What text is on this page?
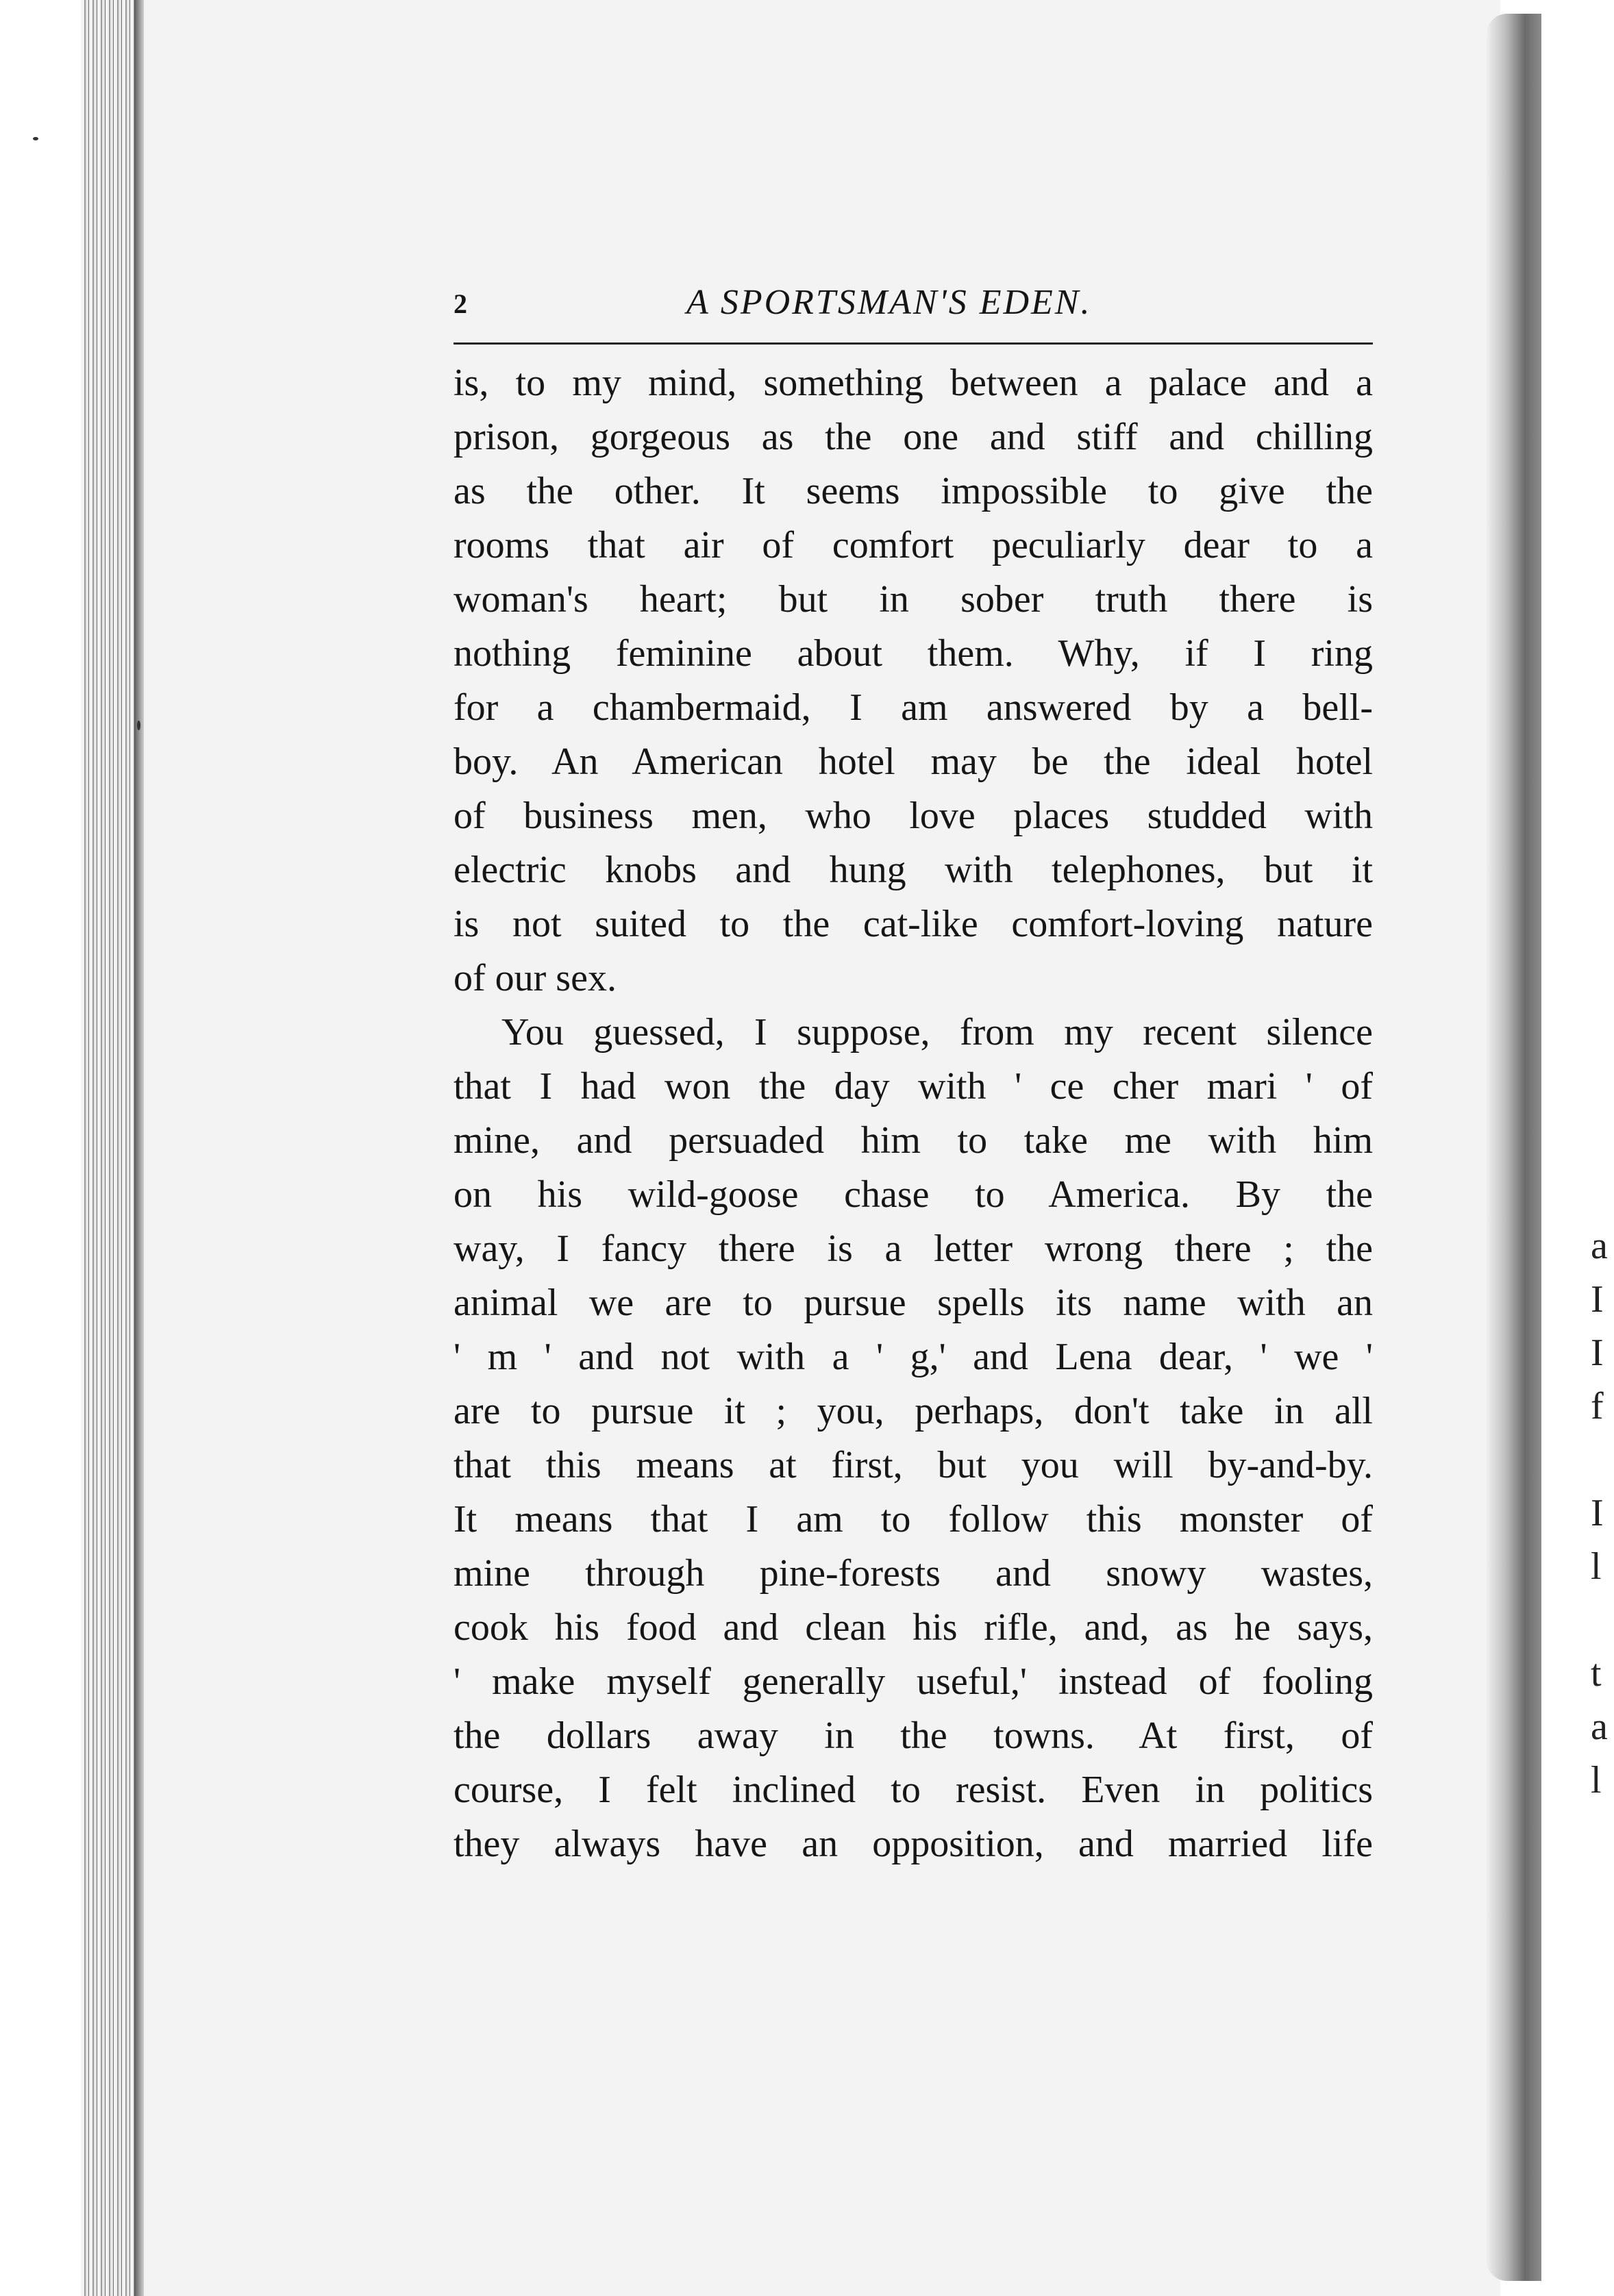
2	A SPORTSMAN'S EDEN.
is, to my mind, something between a palace and a
prison, gorgeous as the one and stiff and chilling
as the other. It seems impossible to give the
rooms that air of comfort peculiarly dear to a
woman's heart; but in sober truth there is
nothing feminine about them. Why, if I ring
for a chambermaid, I am answered by a bell-
boy. An American hotel may be the ideal hotel
of business men, who love places studded with
electric knobs and hung with telephones, but it
is not suited to the cat-like comfort-loving nature
of our sex.
You guessed, I suppose, from my recent silence
that I had won the day with ' ce cher mari ' of
mine, and persuaded him to take me with him
on his wild-goose chase to America. By the
way, I fancy there is a letter wrong there ; the
animal we are to pursue spells its name with an
' m ' and not with a ' g,' and Lena dear, ' we '
are to pursue it ; you, perhaps, don't take in all
that this means at first, but you will by-and-by.
It means that I am to follow this monster of
mine through pine-forests and snowy wastes,
cook his food and clean his rifle, and, as he says,
' make myself generally useful,' instead of fooling
the dollars away in the towns. At first, of
course, I felt inclined to resist. Even in politics
they always have an opposition, and married life
a
I
I
f
I
l
t
a
l
